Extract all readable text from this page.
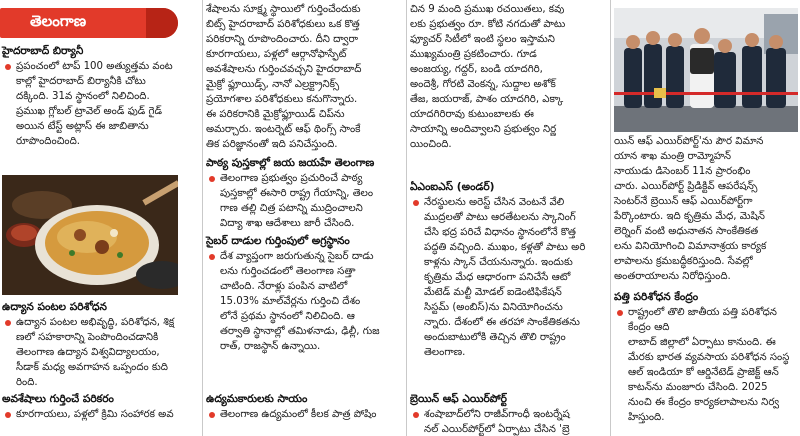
తెలంగాణ
హైదరాబాద్ బిర్యానీ
ప్రపంచంలో టాప్ 100 అత్యుత్తమ వంట
కాల్లో హైదరాబాద్ బిర్యానీకి చోటు
దక్కింది. 31వ స్థానంలో నిలిచింది.
ప్రముఖ గ్లోబల్ ట్రావెల్ అండ్ ఫుడ్ గైడ్
అయిన టేస్ట్ అట్లాస్ ఈ జాబితాను
రూపొందించింది.
ఉద్యాన పంటల పరిశోధన
ఉద్యాన పంటల అభివృద్ధి, పరిశోధన, శిక్ష
ణలో సహకారాన్ని పెంపొందించడానికి
తెలంగాణ ఉద్యాన విశ్వవిద్యాలయం,
సీడాక్ మధ్య అవగాహన ఒప్పందం కుది
రింది.
అవశేషాలు గుర్తించే పరికరం
కూరగాయలు, పళ్లలో క్రిమి సంహారక అవ
శేషాలను సూక్ష్మ స్థాయిలో గుర్తించేందుకు
బిట్స్ హైదరాబాద్ పరిశోధకులు ఒక కొత్త
పరికరాన్ని రూపొందించారు. దీని ద్వారా
కూరగాయలు, పళ్లలో ఆర్గానోఫాస్ఫేట్
అవశేషాలను గుర్తించవచ్చని హైదరాబాద్
మైక్రో ఫ్లూయిడ్స్, నానో ఎల్రక్ట్రానిక్స్
ప్రయోగశాల పరిశోధకులు కనుగొన్నారు.
ఈ పరికరానికి మైక్రోఫ్లూయిడ్ చిప్‌ను
అమర్చారు. ఇంటర్నెట్ ఆఫ్ థింగ్స్ సాంకే
తిక పరిజ్ఞానంతో ఇది పనిచేస్తుంది.
పాఠ్య పుస్తకాల్లో జయ జయహే తెలంగాణ
తెలంగాణ ప్రభుత్వం ప్రచురించే పాఠ్య
పుస్తకాల్లో ఈసారి రాష్ట్ర గేయాన్ని, తెలం
గాణ తల్లి చిత్ర పటాన్ని ముద్రించాలని
విద్యా శాఖ ఆదేశాలు జారీ చేసింది.
సైబర్ దాడుల గుర్తింపులో అగ్రస్థానం
దేశ వ్యాప్తంగా జరుగుతున్న సైబర్ దాడు
లను గుర్తించడంలో తెలంగాణ సత్తా
చాటింది. నేరాళ్లు పంపిన వాటిలో
15.03% మాల్‌వేర్లను గుర్తించి దేశం
లోనే ప్రథమ స్థానంలో నిలిచింది. ఆ
తర్వాతి స్థానాల్లో తమిళనాడు, ఢిల్లీ, గుజ
రాత్, రాజస్థాన్ ఉన్నాయి.
ఉద్యమకారులకు సాయం
తెలంగాణ ఉద్యమంలో కీలక పాత్ర పోషిం
చిన 9 మంది ప్రముఖ రచయితలు, కవు
లకు ప్రభుత్వం రూ. కోటి నగదుతో పాటు
ఫ్యూచర్ సిటీలో ఇంటి స్థలం ఇస్తామని
ముఖ్యమంత్రి ప్రకటించారు. గూడ
అంజయ్య, గద్దర్, బండి యాదగిరి,
అందెశ్రీ, గోరటి వెంకన్న, సుద్దాల అశోక్
తేజ, జయరాజ్, పాశం యాదగిరి, ఎక్కా
యాదగిరిరావు కుటుంబాలకు ఈ
సాయాన్ని అందివ్వాలని ప్రభుత్వం నిర్ణ
యించింది.
ఏఎంఐఎస్ (అండర్)
నేరస్థులను అరెస్ట్ చేసిన వెంటనే వేలి
ముద్రలతో పాటు ఆరతేటలను స్కానింగ్
చేసి భద్ర పరిచే విధానం స్థానంలోనే కొత్త
పద్ధతి వచ్చింది. ముఖం, కళ్లతో పాటు అరి
కాళ్లను స్కాన్ చేయనున్నారు. ఇందుకు
కృత్రిమ మేధ ఆధారంగా పనిచేసే ఆటో
మేటెడ్ మల్టీ మోడల్ ఐడెంటిఫికేషన్
సిస్టమ్ (అంబిస్)ను వినియోగించను
న్నారు. దేశంలో ఈ తరహా సాంకేతికతను
అందుబాటులోకి తెచ్చిన తొలి రాష్ట్రం
తెలంగాణ.
బ్రెయిన్ ఆఫ్ ఎయిర్‌పోర్ట్
శంషాబాద్‌లోని రాజీవ్‌గాంధీ ఇంటర్నేష
నల్ ఎయిర్‌పోర్ట్‌లో ఏర్పాటు చేసిన 'బ్రె
యిన్ ఆఫ్ ఎయిర్‌పోర్ట్'ను పౌర విమాన
యాన శాఖ మంత్రి రామ్మోహన్
నాయుడు డిసెంబర్ 11న ప్రారంభిం
చారు. ఎయిర్‌పోర్ట్ ప్రిడిక్టివ్ ఆపరేషన్స్
సెంటర్‌నే బ్రెయిన్ ఆఫ్ ఎయిర్‌పోర్ట్‌గా
పేర్కొంటారు. ఇది కృత్రిమ మేధ, మెషిన్
లెర్నింగ్ వంటి అధునాతన సాంకేతికత
లను వినియోగించి విమానాశ్రయ కార్యక
లాపాలను క్రమబద్ధీకరిస్తుంది. సేవల్లో
అంతరాయాలను నిరోధిస్తుంది.
పత్తి పరిశోధన కేంద్రం
రాష్ట్రంలో తొలి జాతీయ పత్తి పరిశోధన కేంద్రం ఆది
లాబాద్ జిల్లాలో ఏర్పాటు కానుంది. ఈ
మేరకు భారత వ్యవసాయ పరిశోధన సంస్థ
ఆల్ ఇండియా కో ఆర్డినేటెడ్ ప్రాజెక్ట్ ఆన్
కాటన్‌ను మంజూరు చేసింది. 2025
నుంచి ఈ కేంద్రం కార్యకలాపాలను నిర్వ
హిస్తుంది.
